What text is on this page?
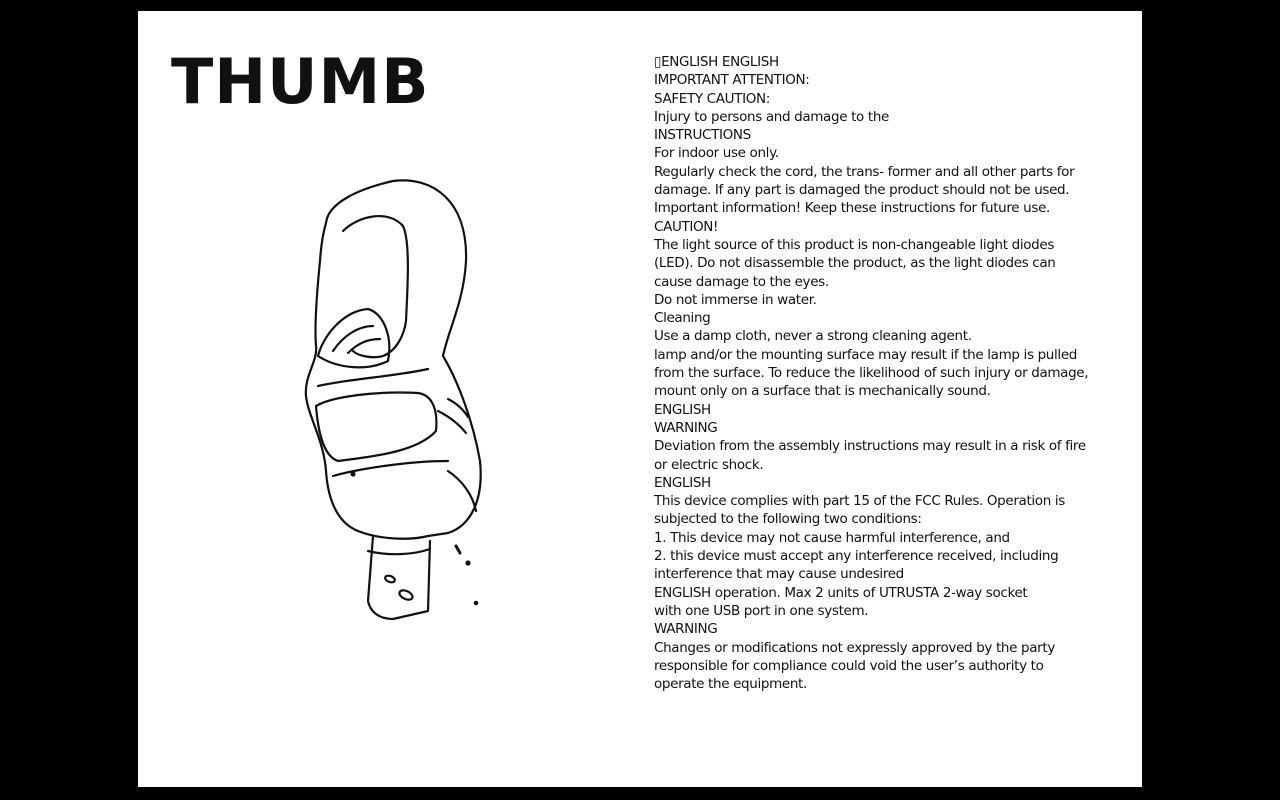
THUMB	▯ENGLISH ENGLISH
IMPORTANT ATTENTION:
SAFETY CAUTION:
Injury to persons and damage to the
INSTRUCTIONS
For indoor use only.
Regularly check the cord, the trans- former and all other parts for
damage. If any part is damaged the product should not be used.
Important information! Keep these instructions for future use.
CAUTION!
The light source of this product is non-changeable light diodes
(LED). Do not disassemble the product, as the light diodes can
cause damage to the eyes.
Do not immerse in water.
Cleaning
Use a damp cloth, never a strong cleaning agent.
lamp and/or the mounting surface may result if the lamp is pulled
from the surface. To reduce the likelihood of such injury or damage,
mount only on a surface that is mechanically sound.
ENGLISH
WARNING
Deviation from the assembly instructions may result in a risk of fire
or electric shock.
ENGLISH
This device complies with part 15 of the FCC Rules. Operation is
subjected to the following two conditions:
1. This device may not cause harmful interference, and
2. this device must accept any interference received, including
interference that may cause undesired
ENGLISH operation. Max 2 units of UTRUSTA 2-way socket
with one USB port in one system.
WARNING
Changes or modifications not expressly approved by the party
responsible for compliance could void the user’s authority to
operate the equipment.
